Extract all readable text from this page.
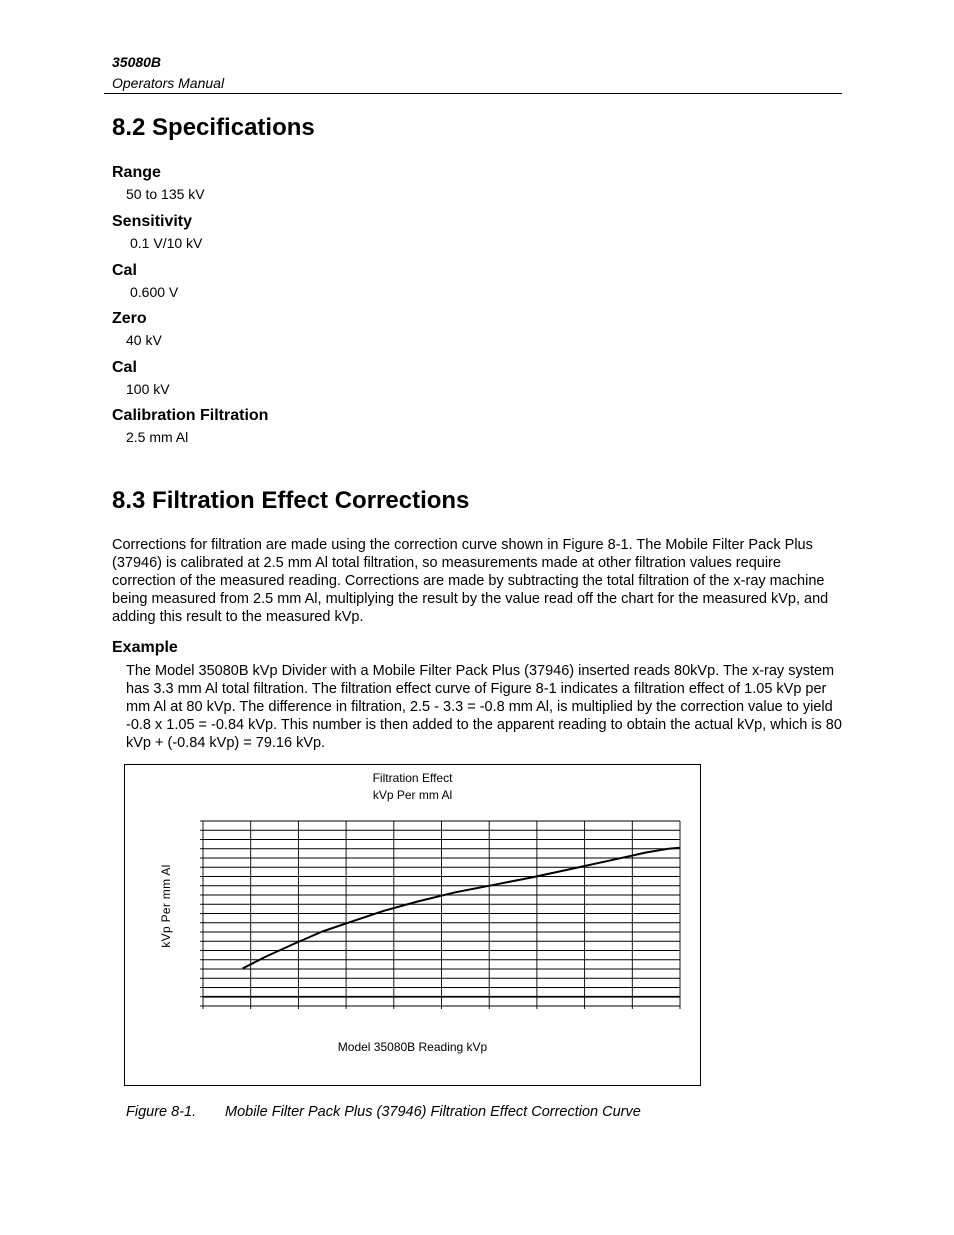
35080B
Operators Manual
8.2 Specifications
Range
50 to 135 kV
Sensitivity
0.1 V/10 kV
Cal
0.600 V
Zero
40 kV
Cal
100 kV
Calibration Filtration
2.5 mm Al
8.3 Filtration Effect Corrections

Corrections for filtration are made using the correction curve shown in Figure 8-1. The Mobile Filter Pack Plus (37946) is calibrated at 2.5 mm Al total filtration, so measurements made at other filtration values require correction of the measured reading. Corrections are made by subtracting the total filtration of the x-ray machine being measured from 2.5 mm Al, multiplying the result by the value read off the chart for the measured kVp, and adding this result to the measured kVp.

Example

The Model 35080B kVp Divider with a Mobile Filter Pack Plus (37946) inserted reads 80kVp. The x-ray system has 3.3 mm Al total filtration. The filtration effect curve of Figure 8-1 indicates a filtration effect of 1.05 kVp per mm Al at 80 kVp. The difference in filtration, 2.5 - 3.3 = -0.8 mm Al, is multiplied by the correction value to yield -0.8 x 1.05 = -0.84 kVp. This number is then added to the apparent reading to obtain the actual kVp, which is 80 kVp + (-0.84 kVp) = 79.16 kVp.

Filtration Effect
kVp Per mm Al
kVp Per mm Al
Model 35080B Reading kVp
Figure 8-1. Mobile Filter Pack Plus (37946) Filtration Effect Correction Curve
